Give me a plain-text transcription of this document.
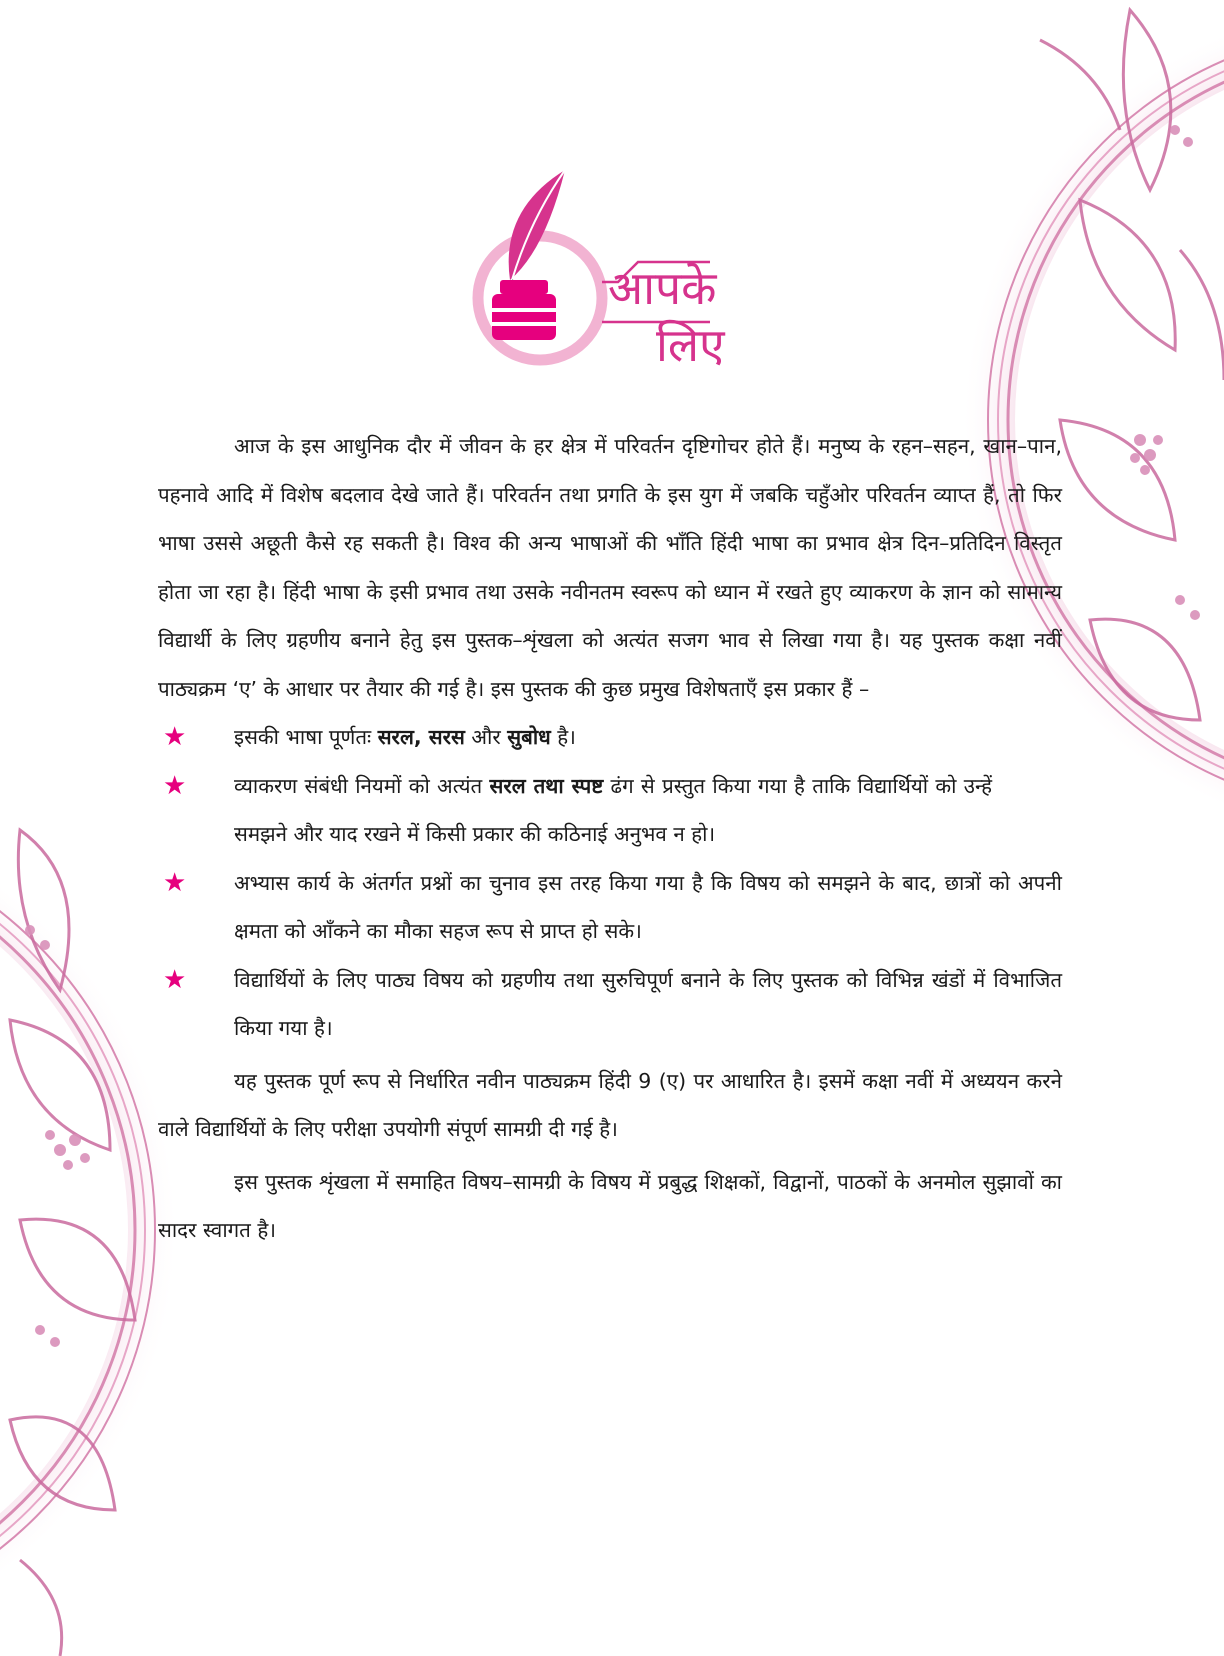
आपके
लिए

आज के इस आधुनिक दौर में जीवन के हर क्षेत्र में परिवर्तन दृष्टिगोचर होते हैं। मनुष्य के रहन–सहन, खान–पान, पहनावे आदि में विशेष बदलाव देखे जाते हैं। परिवर्तन तथा प्रगति के इस युग में जबकि चहुँओर परिवर्तन व्याप्त हैं, तो फिर भाषा उससे अछूती कैसे रह सकती है। विश्व की अन्य भाषाओं की भाँति हिंदी भाषा का प्रभाव क्षेत्र दिन–प्रतिदिन विस्तृत होता जा रहा है। हिंदी भाषा के इसी प्रभाव तथा उसके नवीनतम स्वरूप को ध्यान में रखते हुए व्याकरण के ज्ञान को सामान्य विद्यार्थी के लिए ग्रहणीय बनाने हेतु इस पुस्तक–शृंखला को अत्यंत सजग भाव से लिखा गया है। यह पुस्तक कक्षा नवीं पाठ्यक्रम ‘ए’ के आधार पर तैयार की गई है। इस पुस्तक की कुछ प्रमुख विशेषताएँ इस प्रकार हैं –

★ इसकी भाषा पूर्णतः सरल, सरस और सुबोध है।
★ व्याकरण संबंधी नियमों को अत्यंत सरल तथा स्पष्ट ढंग से प्रस्तुत किया गया है ताकि विद्यार्थियों को उन्हें समझने और याद रखने में किसी प्रकार की कठिनाई अनुभव न हो।
★ अभ्यास कार्य के अंतर्गत प्रश्नों का चुनाव इस तरह किया गया है कि विषय को समझने के बाद, छात्रों को अपनी क्षमता को आँकने का मौका सहज रूप से प्राप्त हो सके।
★ विद्यार्थियों के लिए पाठ्य विषय को ग्रहणीय तथा सुरुचिपूर्ण बनाने के लिए पुस्तक को विभिन्न खंडों में विभाजित किया गया है।

यह पुस्तक पूर्ण रूप से निर्धारित नवीन पाठ्यक्रम हिंदी 9 (ए) पर आधारित है। इसमें कक्षा नवीं में अध्ययन करने वाले विद्यार्थियों के लिए परीक्षा उपयोगी संपूर्ण सामग्री दी गई है।

इस पुस्तक शृंखला में समाहित विषय–सामग्री के विषय में प्रबुद्ध शिक्षकों, विद्वानों, पाठकों के अनमोल सुझावों का सादर स्वागत है।
